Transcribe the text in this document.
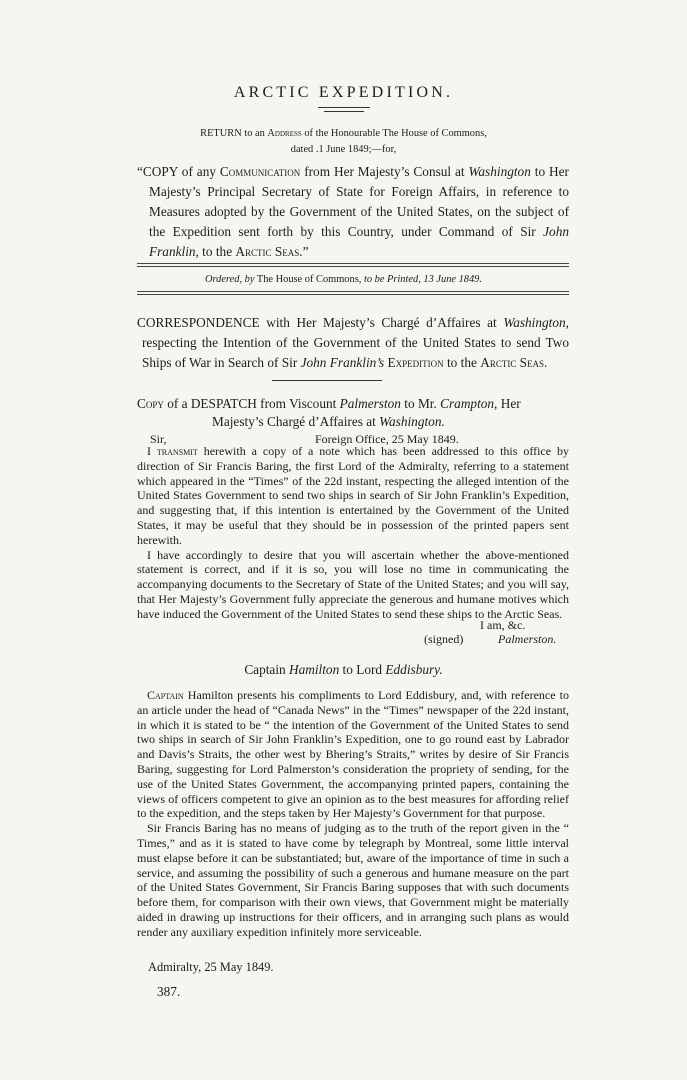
ARCTIC EXPEDITION.
RETURN to an Address of the Honourable The House of Commons,
dated .1 June 1849;—for,
“COPY of any Communication from Her Majesty’s Consul at Washington to Her Majesty’s Principal Secretary of State for Foreign Affairs, in reference to Measures adopted by the Government of the United States, on the subject of the Expedition sent forth by this Country, under Command of Sir John Franklin, to the Arctic Seas.”
Ordered, by The House of Commons, to be Printed, 13 June 1849.
CORRESPONDENCE with Her Majesty’s Chargé d’Affaires at Washington, respecting the Intention of the Government of the United States to send Two Ships of War in Search of Sir John Franklin’s Expedition to the Arctic Seas.
Copy of a DESPATCH from Viscount Palmerston to Mr. Crampton, Her
Majesty’s Chargé d’Affaires at Washington.
Sir,	Foreign Office, 25 May 1849.

I transmit herewith a copy of a note which has been addressed to this office by direction of Sir Francis Baring, the first Lord of the Admiralty, referring to a statement which appeared in the “Times” of the 22d instant, respecting the alleged intention of the United States Government to send two ships in search of Sir John Franklin’s Expedition, and suggesting that, if this intention is entertained by the Government of the United States, it may be useful that they should be in possession of the printed papers sent herewith.

I have accordingly to desire that you will ascertain whether the above-mentioned statement is correct, and if it is so, you will lose no time in communicating the accompanying documents to the Secretary of State of the United States; and you will say, that Her Majesty’s Government fully appreciate the generous and humane motives which have induced the Government of the United States to send these ships to the Arctic Seas.

I am, &c.
(signed)	Palmerston.
Captain Hamilton to Lord Eddisbury.

Captain Hamilton presents his compliments to Lord Eddisbury, and, with reference to an article under the head of “Canada News” in the “Times” newspaper of the 22d instant, in which it is stated to be “ the intention of the Government of the United States to send two ships in search of Sir John Franklin’s Expedition, one to go round east by Labrador and Davis’s Straits, the other west by Bhering’s Straits,” writes by desire of Sir Francis Baring, suggesting for Lord Palmerston’s consideration the propriety of sending, for the use of the United States Government, the accompanying printed papers, containing the views of officers competent to give an opinion as to the best measures for affording relief to the expedition, and the steps taken by Her Majesty’s Government for that purpose.

Sir Francis Baring has no means of judging as to the truth of the report given in the “ Times,” and as it is stated to have come by telegraph by Montreal, some little interval must elapse before it can be substantiated; but, aware of the importance of time in such a service, and assuming the possibility of such a generous and humane measure on the part of the United States Government, Sir Francis Baring supposes that with such documents before them, for comparison with their own views, that Government might be materially aided in drawing up instructions for their officers, and in arranging such plans as would render any auxiliary expedition infinitely more serviceable.

Admiralty, 25 May 1849.
387.
